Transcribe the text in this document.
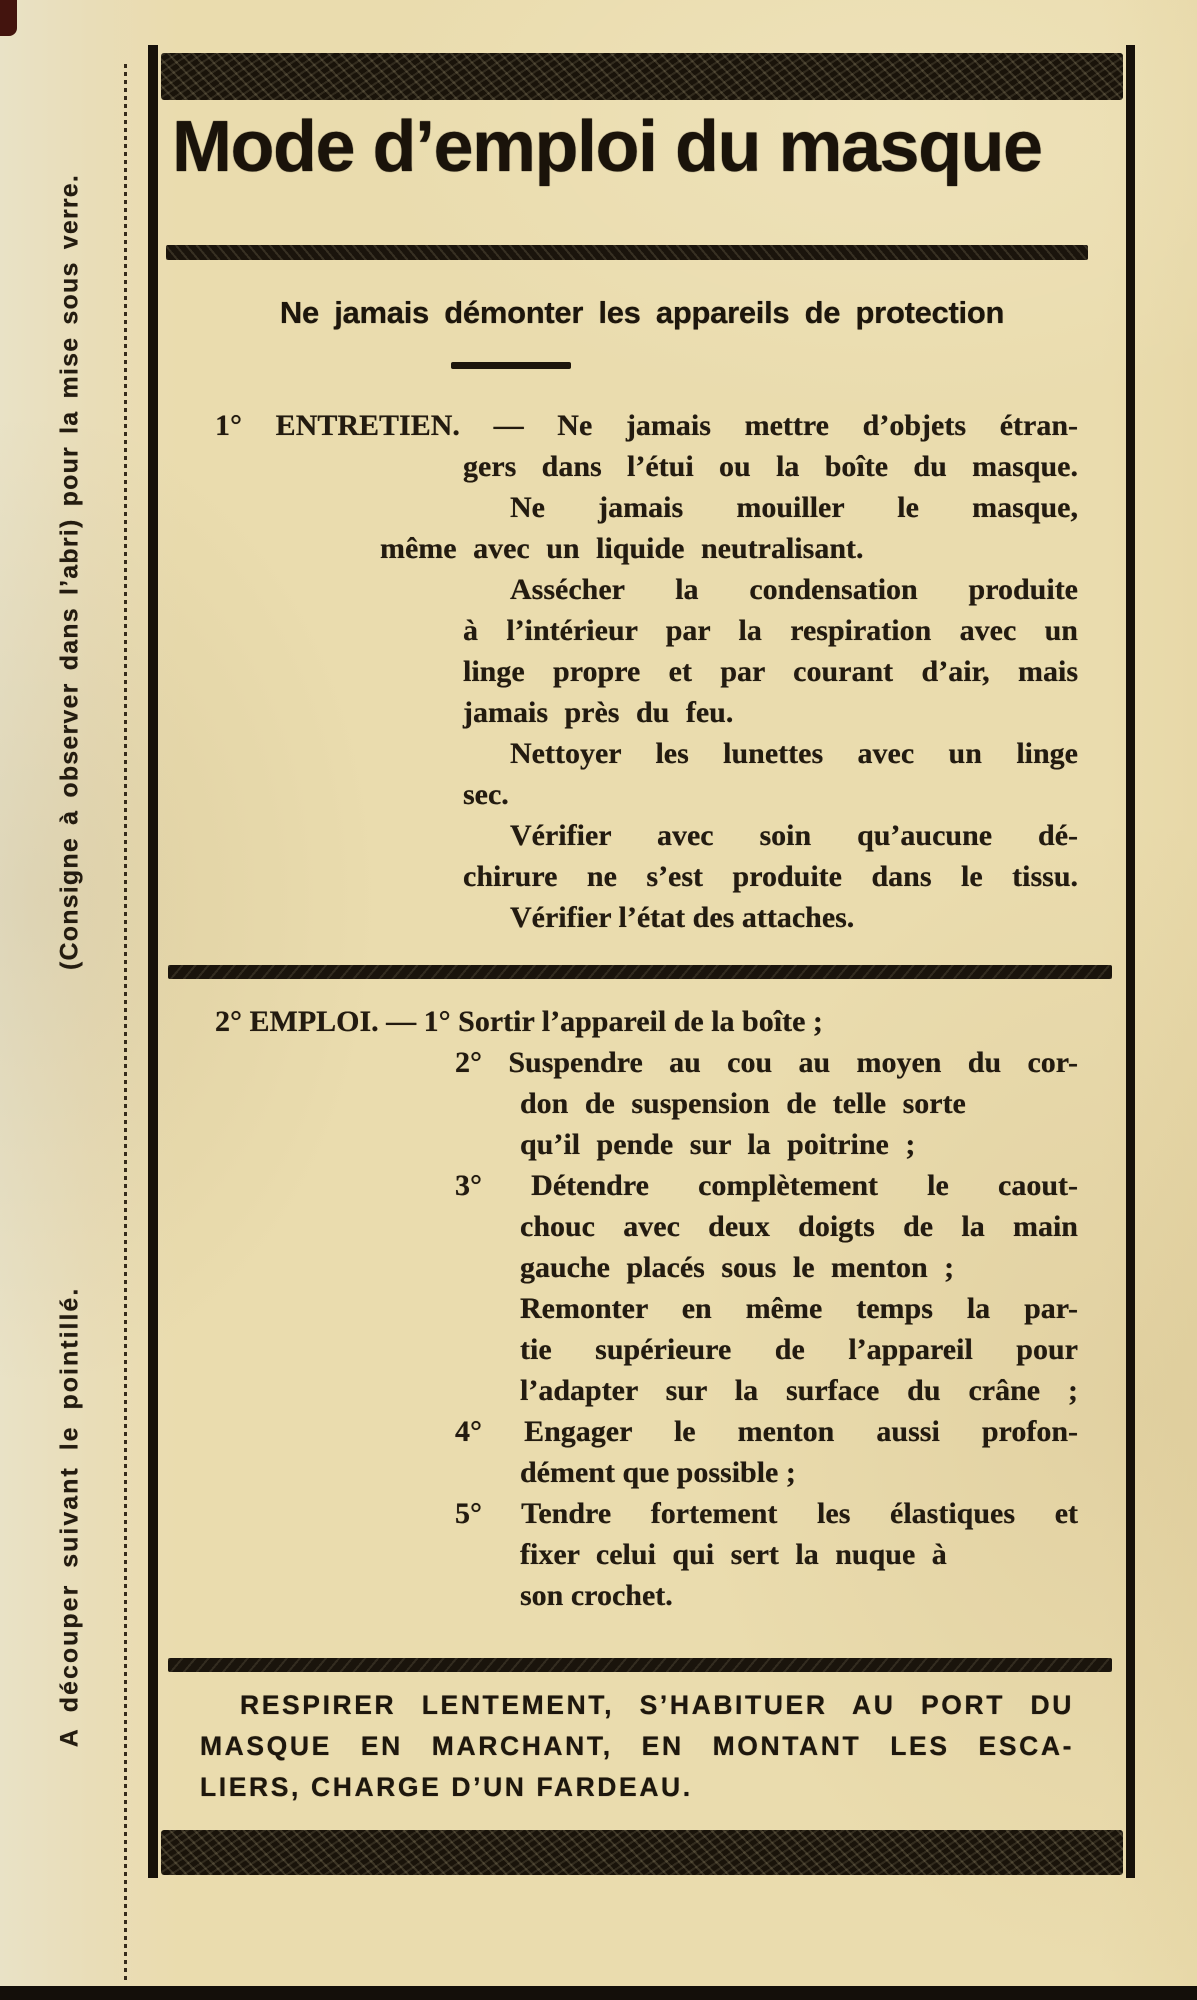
(Consigne à observer dans l’abri) pour la mise sous verre.
A découper suivant le pointillé.
Mode d’emploi du masque
Ne jamais démonter les appareils de protection
1° ENTRETIEN. — Ne jamais mettre d’objets étran-
gers dans l’étui ou la boîte du masque.
Ne jamais mouiller le masque,
même avec un liquide neutralisant.
Assécher la condensation produite
à l’intérieur par la respiration avec un
linge propre et par courant d’air, mais
jamais près du feu.
Nettoyer les lunettes avec un linge
sec.
Vérifier avec soin qu’aucune dé-
chirure ne s’est produite dans le tissu.
Vérifier l’état des attaches.
2° EMPLOI. — 1° Sortir l’appareil de la boîte ;
2° Suspendre au cou au moyen du cor-
don de suspension de telle sorte
qu’il pende sur la poitrine ;
3° Détendre complètement le caout-
chouc avec deux doigts de la main
gauche placés sous le menton ;
Remonter en même temps la par-
tie supérieure de l’appareil pour
l’adapter sur la surface du crâne ;
4° Engager le menton aussi profon-
dément que possible ;
5° Tendre fortement les élastiques et
fixer celui qui sert la nuque à
son crochet.
RESPIRER LENTEMENT, S’HABITUER AU PORT DU
MASQUE EN MARCHANT, EN MONTANT LES ESCA-
LIERS, CHARGE D’UN FARDEAU.
